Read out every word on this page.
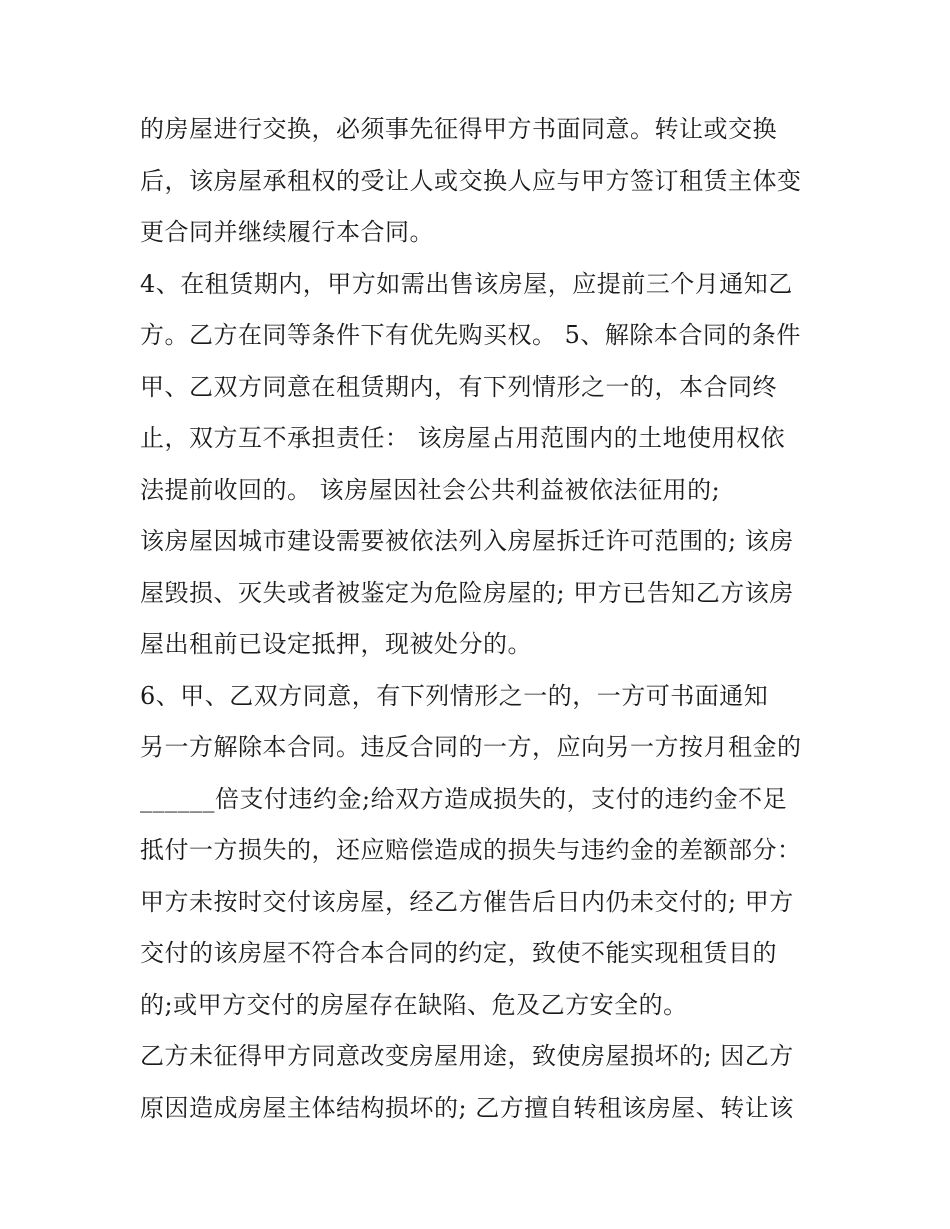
的房屋进行交换，必须事先征得甲方书面同意。转让或交换
后，该房屋承租权的受让人或交换人应与甲方签订租赁主体变
更合同并继续履行本合同。
4、在租赁期内，甲方如需出售该房屋，应提前三个月通知乙
方。乙方在同等条件下有优先购买权。 5、解除本合同的条件
甲、乙双方同意在租赁期内，有下列情形之一的，本合同终
止，双方互不承担责任： 该房屋占用范围内的土地使用权依
法提前收回的。 该房屋因社会公共利益被依法征用的;
该房屋因城市建设需要被依法列入房屋拆迁许可范围的; 该房
屋毁损、灭失或者被鉴定为危险房屋的; 甲方已告知乙方该房
屋出租前已设定抵押，现被处分的。
6、甲、乙双方同意，有下列情形之一的，一方可书面通知
另一方解除本合同。违反合同的一方，应向另一方按月租金的
______倍支付违约金;给双方造成损失的，支付的违约金不足
抵付一方损失的，还应赔偿造成的损失与违约金的差额部分：
甲方未按时交付该房屋，经乙方催告后日内仍未交付的; 甲方
交付的该房屋不符合本合同的约定，致使不能实现租赁目的
的;或甲方交付的房屋存在缺陷、危及乙方安全的。
乙方未征得甲方同意改变房屋用途，致使房屋损坏的; 因乙方
原因造成房屋主体结构损坏的; 乙方擅自转租该房屋、转让该
